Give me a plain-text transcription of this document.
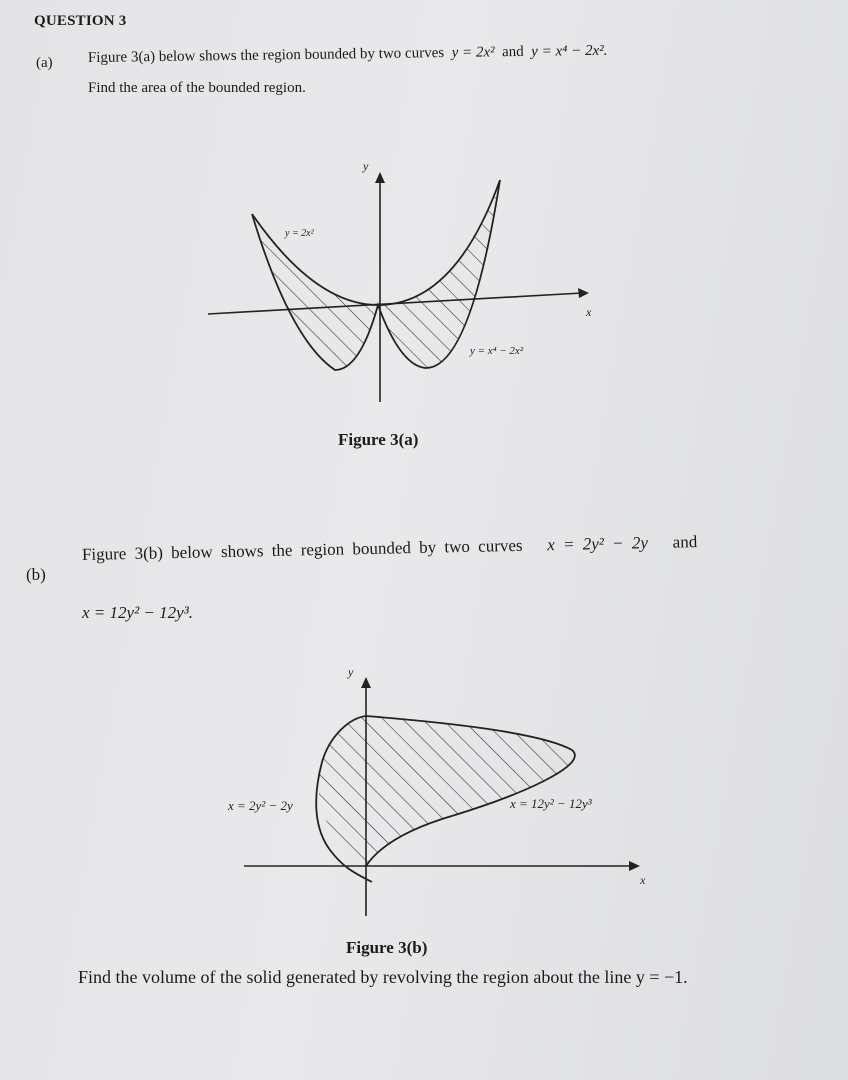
QUESTION 3
(a) Figure 3(a) below shows the region bounded by two curves y = 2x² and y = x⁴ − 2x².
Find the area of the bounded region.
y
x
y = 2x²
y = x⁴ − 2x²
y
x
x = 2y² − 2y	x = 12y² − 12y³
Figure 3(a)
(b)
Figure 3(b) below shows the region bounded by two curves x = 2y² − 2y and
x = 12y² − 12y³.
Figure 3(b)
Find the volume of the solid generated by revolving the region about the line y = −1.
